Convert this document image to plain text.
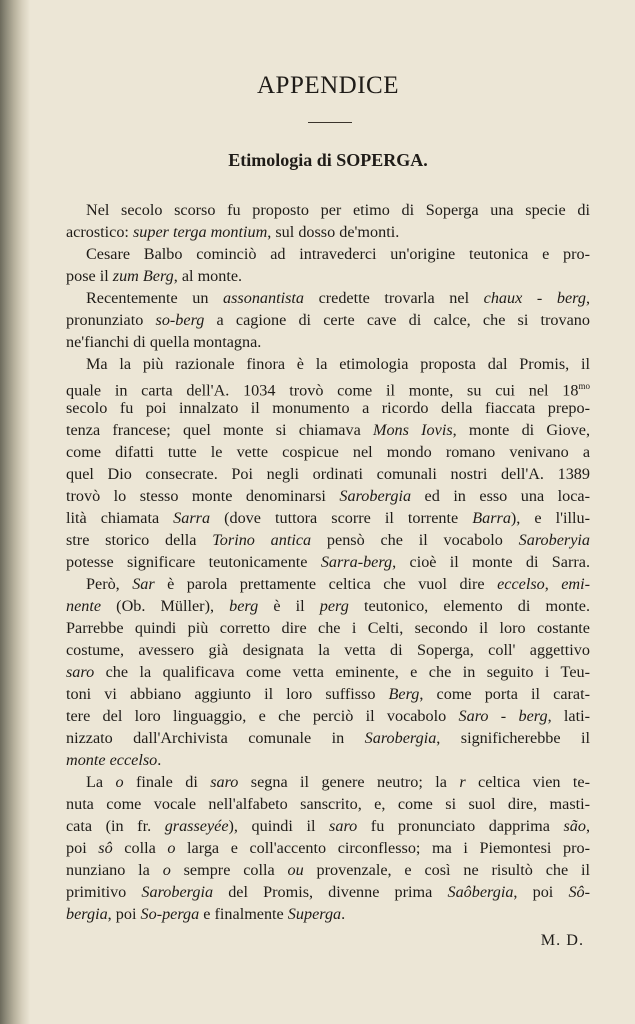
APPENDICE
Etimologia di SOPERGA.
Nel secolo scorso fu proposto per etimo di Soperga una specie di
acrostico: super terga montium, sul dosso de'monti.
Cesare Balbo cominciò ad intravederci un'origine teutonica e pro-
pose il zum Berg, al monte.
Recentemente un assonantista credette trovarla nel chaux - berg,
pronunziato so-berg a cagione di certe cave di calce, che si trovano
ne'fianchi di quella montagna.
Ma la più razionale finora è la etimologia proposta dal Promis, il
quale in carta dell'A. 1034 trovò come il monte, su cui nel $18^{mo}$
secolo fu poi innalzato il monumento a ricordo della fiaccata prepo-
tenza francese; quel monte si chiamava Mons Iovis, monte di Giove,
come difatti tutte le vette cospicue nel mondo romano venivano a
quel Dio consecrate. Poi negli ordinati comunali nostri dell'A. 1389
trovò lo stesso monte denominarsi Sarobergia ed in esso una loca-
lità chiamata Sarra (dove tuttora scorre il torrente Barra), e l'illu-
stre storico della Torino antica pensò che il vocabolo Saroberyia
potesse significare teutonicamente Sarra-berg, cioè il monte di Sarra.
Però, Sar è parola prettamente celtica che vuol dire eccelso, emi-
nente (Ob. Müller), berg è il perg teutonico, elemento di monte.
Parrebbe quindi più corretto dire che i Celti, secondo il loro costante
costume, avessero già designata la vetta di Soperga, coll' aggettivo
saro che la qualificava come vetta eminente, e che in seguito i Teu-
toni vi abbiano aggiunto il loro suffisso Berg, come porta il carat-
tere del loro linguaggio, e che perciò il vocabolo Saro - berg, lati-
nizzato dall'Archivista comunale in Sarobergia, significherebbe il
monte eccelso.
La o finale di saro segna il genere neutro; la r celtica vien te-
nuta come vocale nell'alfabeto sanscrito, e, come si suol dire, masti-
cata (in fr. grasseyée), quindi il saro fu pronunciato dapprima são,
poi sô colla o larga e coll'accento circonflesso; ma i Piemontesi pro-
nunziano la o sempre colla ou provenzale, e così ne risultò che il
primitivo Sarobergia del Promis, divenne prima Saôbergia, poi Sô-
bergia, poi So-perga e finalmente Superga.
M. D.
